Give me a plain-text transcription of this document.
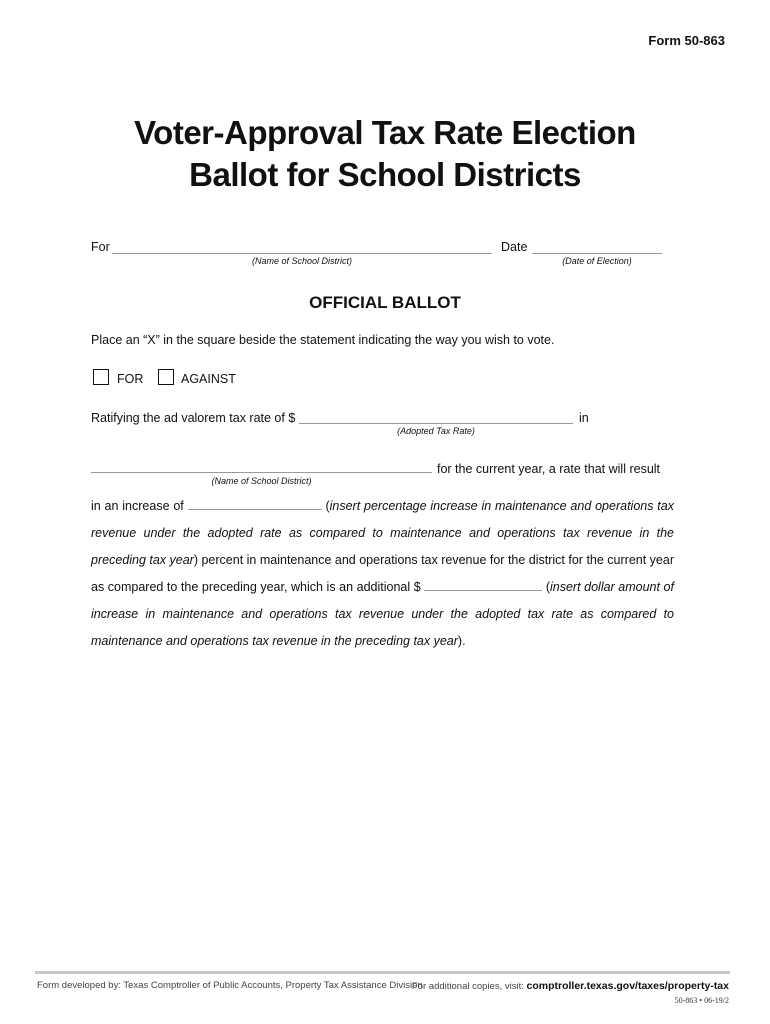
Form 50-863
Voter-Approval Tax Rate Election
Ballot for School Districts
For
(Name of School District)
Date
(Date of Election)
OFFICIAL BALLOT
Place an “X” in the square beside the statement indicating the way you wish to vote.
FOR	AGAINST
Ratifying the ad valorem tax rate of $
(Adopted Tax Rate)
in
(Name of School District)
for the current year, a rate that will result
in an increase of	(insert percentage increase in maintenance and operations tax revenue under the adopted rate as compared to maintenance and operations tax revenue in the preceding tax year) percent in maintenance and operations tax revenue for the district for the current year as compared to the preceding year, which is an additional $	(insert dollar amount of increase in maintenance and operations tax revenue under the adopted tax rate as compared to maintenance and operations tax revenue in the preceding tax year).
Form developed by: Texas Comptroller of Public Accounts, Property Tax Assistance Division
For additional copies, visit: comptroller.texas.gov/taxes/property-tax
50-863 • 06-19/2
